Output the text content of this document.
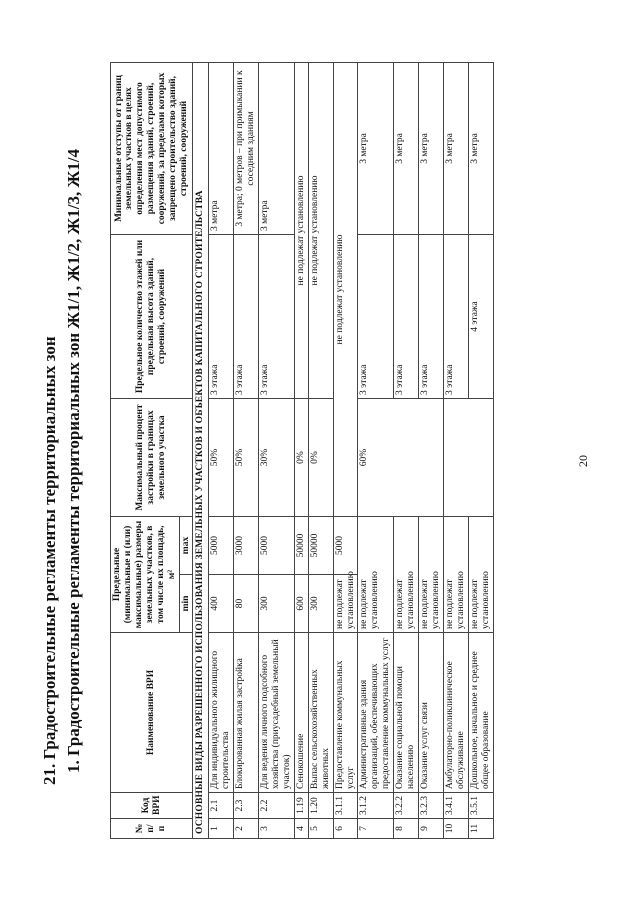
20
21. Градостроительные регламенты территориальных зон 1. Градостроительные регламенты территориальных зон Ж1/1, Ж1/2, Ж1/3, Ж1/4
№ п/п	Код ВРИ	Наименование ВРИ	Предельные (минимальные и (или) максимальные) размеры земельных участков, в том числе их площадь, м²		Максимальный процент застройки в границах земельного участка	Предельное количество этажей или предельная высота зданий, строений, сооружений	Минимальные отступы от границ земельных участков в целях определения мест допустимого размещения зданий, строений, сооружений, за пределами которых запрещено строительство зданий, строений, сооружений
			min	max			
ОСНОВНЫЕ ВИДЫ РАЗРЕШЕННОГО ИСПОЛЬЗОВАНИЯ ЗЕМЕЛЬНЫХ УЧАСТКОВ И ОБЪЕКТОВ КАПИТАЛЬНОГО СТРОИТЕЛЬСТВА							
1	2.1	Для индивидуального жилищного строительства	400	5000	50%	3 этажа	3 метра
2	2.3	Блокированная жилая застройка	80	3000	50%	3 этажа	3 метра; 0 метров – при примыкании к соседним зданиям
3	2.2	Для ведения личного подсобного хозяйства (приусадебный земельный участок)	300	5000	30%	3 этажа	3 метра
4	1.19	Сенокошение	600	50000	0%	не подлежат установлению	
5	1.20	Выпас сельскохозяйственных животных	300	50000	0%	не подлежат установлению	
6	3.1.1	Предоставление коммунальных услуг	не подлежат установлению	5000	не подлежат установлению		
7	3.1.2	Административные здания организаций, обеспечивающих предоставление коммунальных услуг	не подлежат установлению		60%	3 этажа	3 метра
8	3.2.2	Оказание социальной помощи населению	не подлежат установлению			3 этажа	3 метра
9	3.2.3	Оказание услуг связи	не подлежат установлению			3 этажа	3 метра
10	3.4.1	Амбулаторно-поликлиническое обслуживание	не подлежат установлению			3 этажа	3 метра
11	3.5.1	Дошкольное, начальное и среднее общее образование	не подлежат установлению			4 этажа	3 метра
